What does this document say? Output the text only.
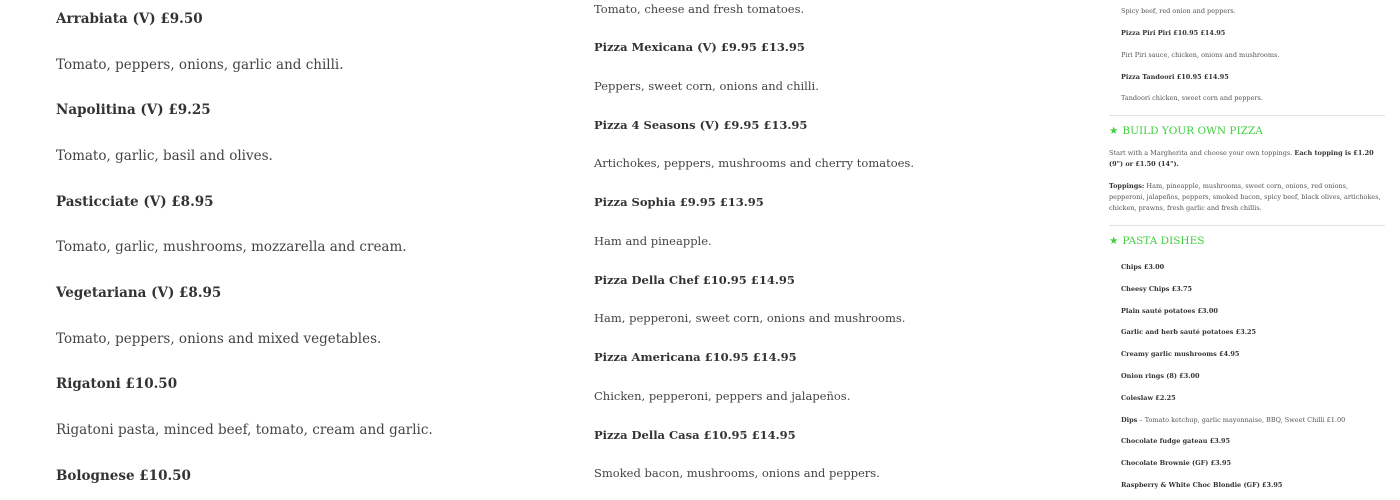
Arrabiata (V) £9.50
Tomato, peppers, onions, garlic and chilli.
Napolitina (V) £9.25
Tomato, garlic, basil and olives.
Pasticciate (V) £8.95
Tomato, garlic, mushrooms, mozzarella and cream.
Vegetariana (V) £8.95
Tomato, peppers, onions and mixed vegetables.
Rigatoni £10.50
Rigatoni pasta, minced beef, tomato, cream and garlic.
Bolognese £10.50
Tomato, cheese and fresh tomatoes.
Pizza Mexicana (V) £9.95 £13.95
Peppers, sweet corn, onions and chilli.
Pizza 4 Seasons (V) £9.95 £13.95
Artichokes, peppers, mushrooms and cherry tomatoes.
Pizza Sophia £9.95 £13.95
Ham and pineapple.
Pizza Della Chef £10.95 £14.95
Ham, pepperoni, sweet corn, onions and mushrooms.
Pizza Americana £10.95 £14.95
Chicken, pepperoni, peppers and jalapeños.
Pizza Della Casa £10.95 £14.95
Smoked bacon, mushrooms, onions and peppers.
Spicy beef, red onion and peppers.
Pizza Piri Piri £10.95 £14.95
Piri Piri sauce, chicken, onions and mushrooms.
Pizza Tandoori £10.95 £14.95
Tandoori chicken, sweet corn and peppers.
★ BUILD YOUR OWN PIZZA
Start with a Margherita and choose your own toppings. Each topping is £1.20 (9") or £1.50 (14").
Toppings: Ham, pineapple, mushrooms, sweet corn, onions, red onions, pepperoni, jalapeños, peppers, smoked bacon, spicy beef, black olives, artichokes, chicken, prawns, fresh garlic and fresh chillis.
★ PASTA DISHES
Chips £3.00
Cheesy Chips £3.75
Plain sauté potatoes £3.00
Garlic and herb sauté potatoes £3.25
Creamy garlic mushrooms £4.95
Onion rings (8) £3.00
Coleslaw £2.25
Dips – Tomato ketchup, garlic mayonnaise, BBQ, Sweet Chilli £1.00
Chocolate fudge gateau £3.95
Chocolate Brownie (GF) £3.95
Raspberry & White Choc Blondie (GF) £3.95
